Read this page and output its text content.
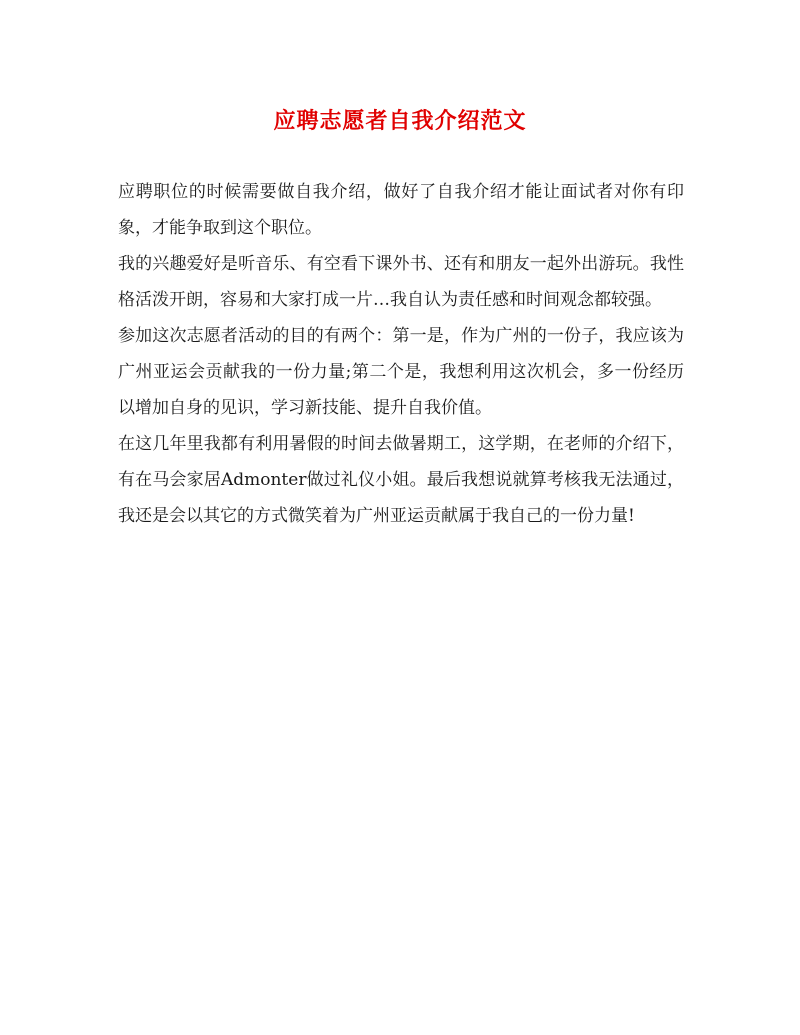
应聘志愿者自我介绍范文

应聘职位的时候需要做自我介绍，做好了自我介绍才能让面试者对你有印象，才能争取到这个职位。

我的兴趣爱好是听音乐、有空看下课外书、还有和朋友一起外出游玩。我性格活泼开朗，容易和大家打成一片…我自认为责任感和时间观念都较强。

参加这次志愿者活动的目的有两个：第一是，作为广州的一份子，我应该为广州亚运会贡献我的一份力量;第二个是，我想利用这次机会，多一份经历以增加自身的见识，学习新技能、提升自我价值。

在这几年里我都有利用暑假的时间去做暑期工，这学期，在老师的介绍下，有在马会家居Admonter做过礼仪小姐。最后我想说就算考核我无法通过，我还是会以其它的方式微笑着为广州亚运贡献属于我自己的一份力量!
